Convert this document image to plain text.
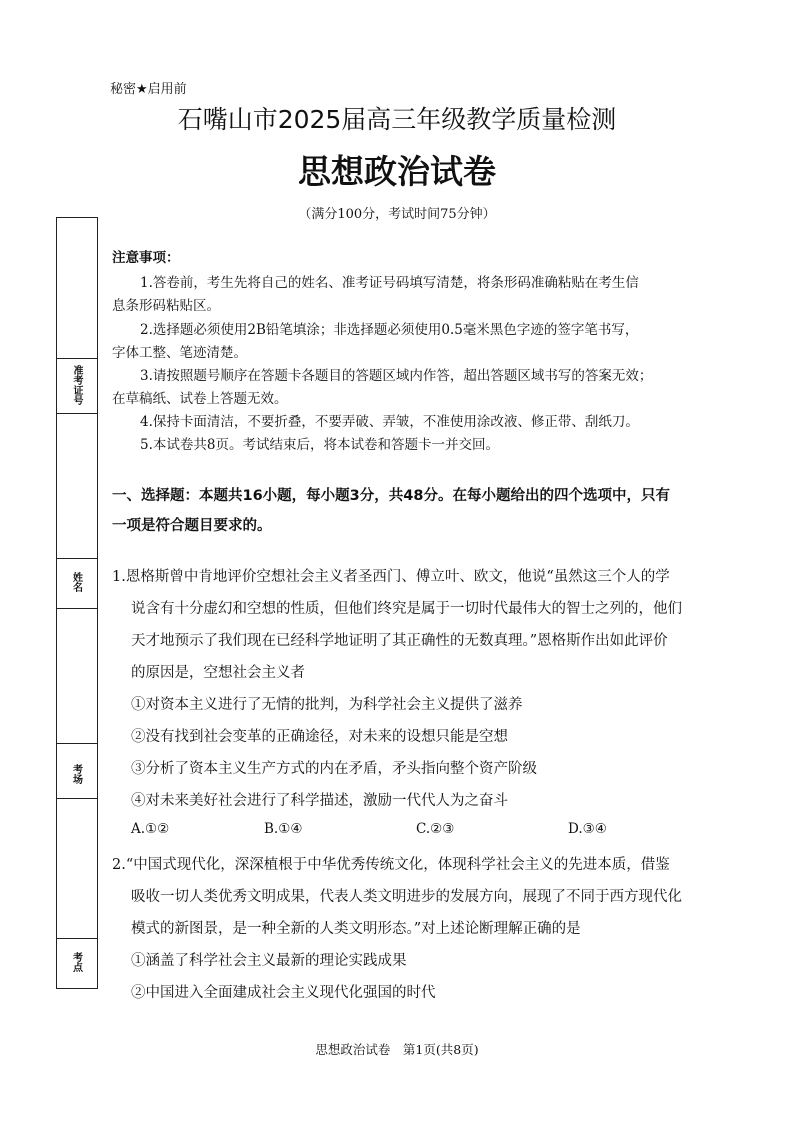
秘密★启用前
石嘴山市2025届高三年级教学质量检测
思想政治试卷
（满分100分，考试时间75分钟）
准考证号
姓名
考场
考点
注意事项：
1.答卷前，考生先将自己的姓名、准考证号码填写清楚，将条形码准确粘贴在考生信
息条形码粘贴区。
2.选择题必须使用2B铅笔填涂；非选择题必须使用0.5毫米黑色字迹的签字笔书写，
字体工整、笔迹清楚。
3.请按照题号顺序在答题卡各题目的答题区域内作答，超出答题区域书写的答案无效；
在草稿纸、试卷上答题无效。
4.保持卡面清洁，不要折叠，不要弄破、弄皱，不准使用涂改液、修正带、刮纸刀。
5.本试卷共8页。考试结束后，将本试卷和答题卡一并交回。
一、选择题：本题共16小题，每小题3分，共48分。在每小题给出的四个选项中，只有
一项是符合题目要求的。
1.恩格斯曾中肯地评价空想社会主义者圣西门、傅立叶、欧文，他说“虽然这三个人的学
说含有十分虚幻和空想的性质，但他们终究是属于一切时代最伟大的智士之列的，他们
天才地预示了我们现在已经科学地证明了其正确性的无数真理。”恩格斯作出如此评价
的原因是，空想社会主义者
①对资本主义进行了无情的批判，为科学社会主义提供了滋养
②没有找到社会变革的正确途径，对未来的设想只能是空想
③分析了资本主义生产方式的内在矛盾，矛头指向整个资产阶级
④对未来美好社会进行了科学描述，激励一代代人为之奋斗
A.①②	B.①④	C.②③	D.③④
2.“中国式现代化，深深植根于中华优秀传统文化，体现科学社会主义的先进本质，借鉴
吸收一切人类优秀文明成果，代表人类文明进步的发展方向，展现了不同于西方现代化
模式的新图景，是一种全新的人类文明形态。”对上述论断理解正确的是
①涵盖了科学社会主义最新的理论实践成果
②中国进入全面建成社会主义现代化强国的时代
思想政治试卷　第1页(共8页)
